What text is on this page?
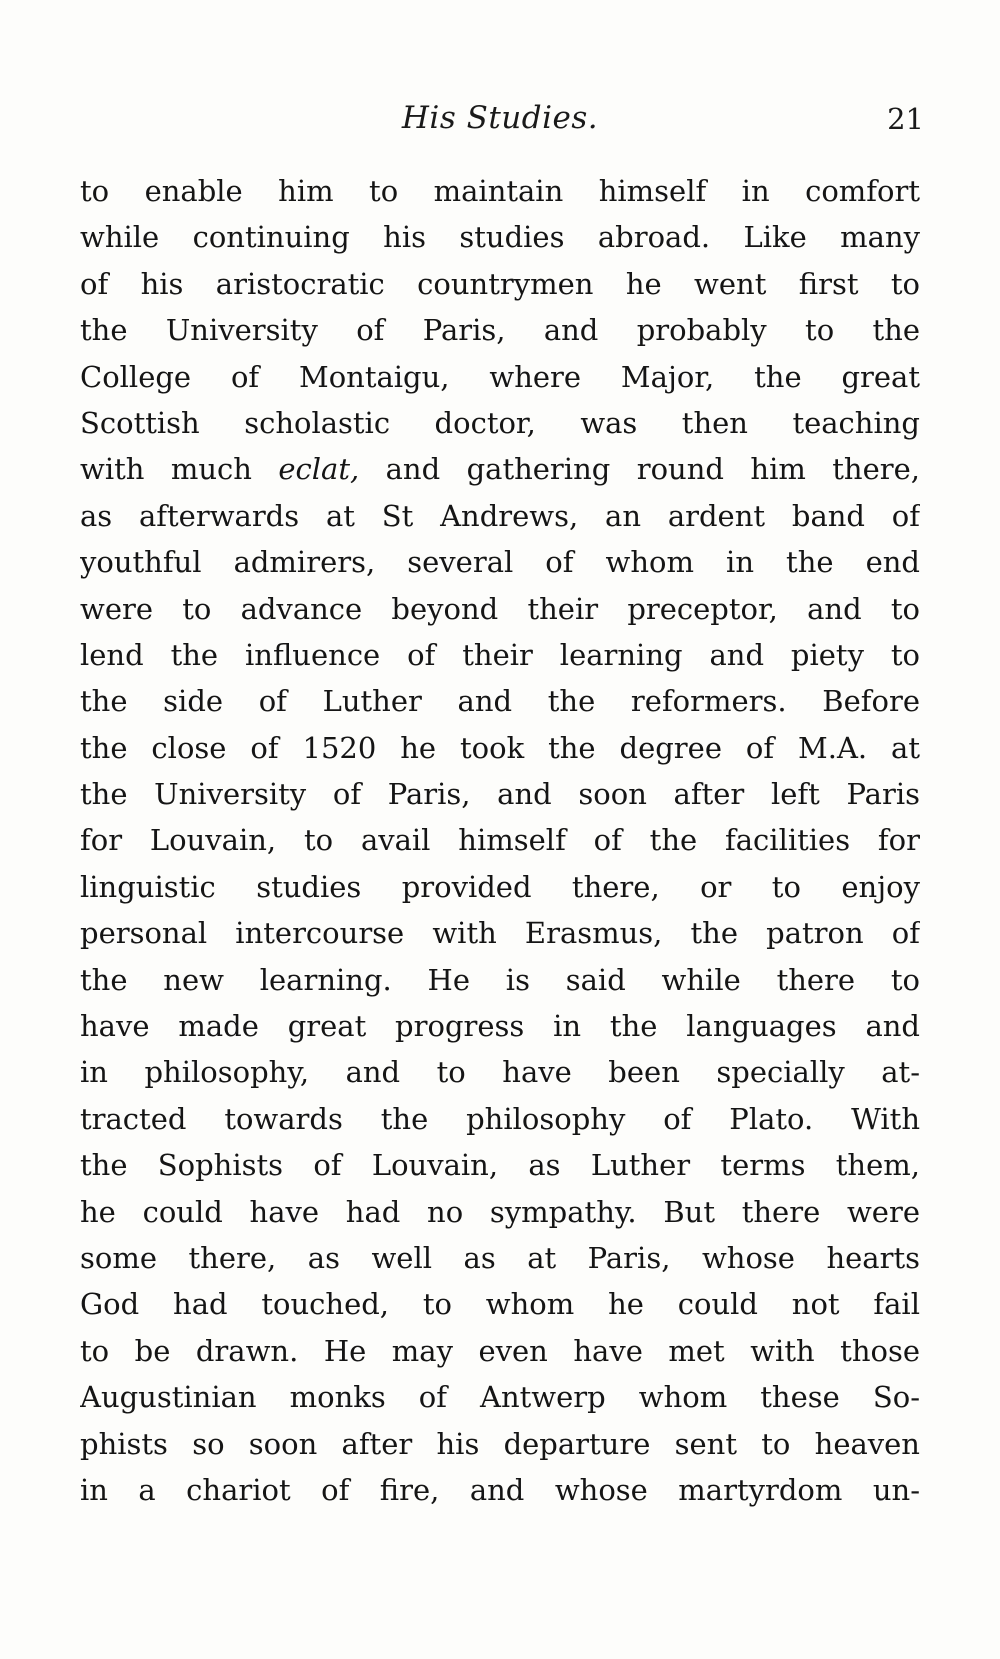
His Studies.	21
to enable him to maintain himself in comfort
while continuing his studies abroad. Like many
of his aristocratic countrymen he went first to
the University of Paris, and probably to the
College of Montaigu, where Major, the great
Scottish scholastic doctor, was then teaching
with much eclat, and gathering round him there,
as afterwards at St Andrews, an ardent band of
youthful admirers, several of whom in the end
were to advance beyond their preceptor, and to
lend the influence of their learning and piety to
the side of Luther and the reformers. Before
the close of 1520 he took the degree of M.A. at
the University of Paris, and soon after left Paris
for Louvain, to avail himself of the facilities for
linguistic studies provided there, or to enjoy
personal intercourse with Erasmus, the patron of
the new learning. He is said while there to
have made great progress in the languages and
in philosophy, and to have been specially at-
tracted towards the philosophy of Plato. With
the Sophists of Louvain, as Luther terms them,
he could have had no sympathy. But there were
some there, as well as at Paris, whose hearts
God had touched, to whom he could not fail
to be drawn. He may even have met with those
Augustinian monks of Antwerp whom these So-
phists so soon after his departure sent to heaven
in a chariot of fire, and whose martyrdom un-
